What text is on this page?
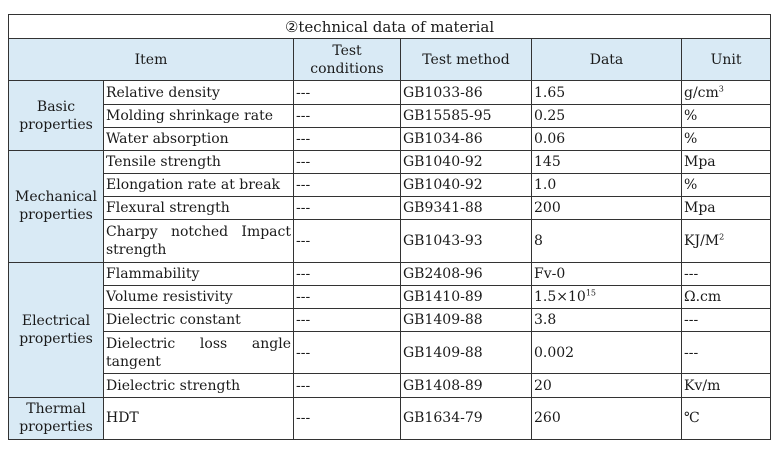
②technical data of material					
Item		Test conditions	Test method	Data	Unit
Basic properties	Relative density	---	GB1033-86	1.65	$g/cm^3$
	Molding shrinkage rate	---	GB15585-95	0.25	%
	Water absorption	---	GB1034-86	0.06	%
Mechanical properties	Tensile strength	---	GB1040-92	145	Mpa
	Elongation rate at break	---	GB1040-92	1.0	%
	Flexural strength	---	GB9341-88	200	Mpa
	Charpy notched Impact strength	---	GB1043-93	8	$KJ/M^2$
Electrical properties	Flammability	---	GB2408-96	Fv-0	---
	Volume resistivity	---	GB1410-89	$1.5\times 10^{15}$	Ω.cm
	Dielectric constant	---	GB1409-88	3.8	---
	Dielectric loss angle tangent	---	GB1409-88	0.002	---
	Dielectric strength	---	GB1408-89	20	Kv/m
Thermal properties	HDT	---	GB1634-79	260	℃
